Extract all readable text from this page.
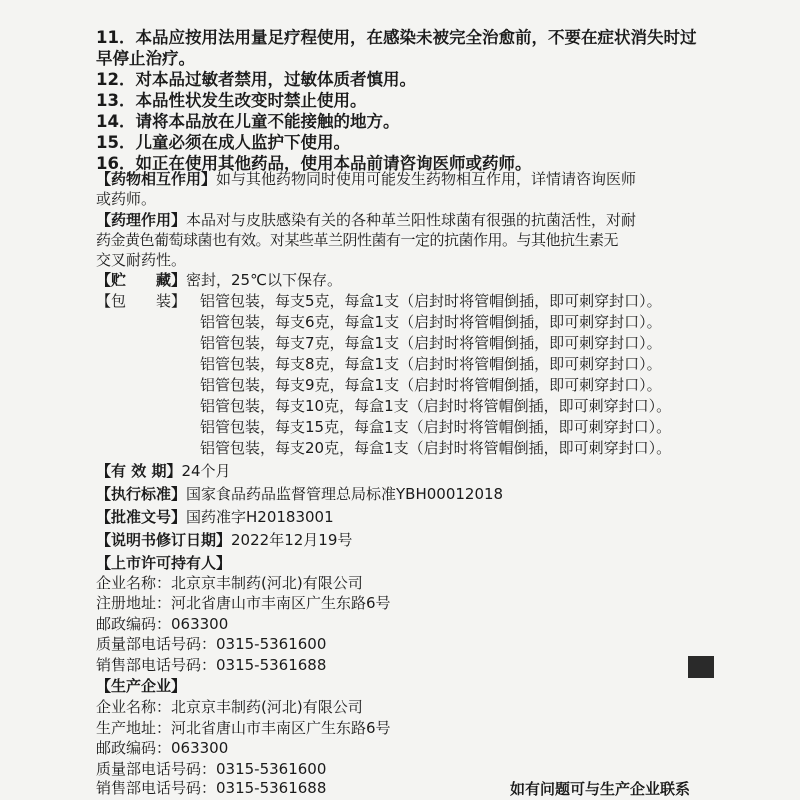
11．本品应按用法用量足疗程使用，在感染未被完全治愈前，不要在症状消失时过
早停止治疗。
12．对本品过敏者禁用，过敏体质者慎用。
13．本品性状发生改变时禁止使用。
14．请将本品放在儿童不能接触的地方。
15．儿童必须在成人监护下使用。
16．如正在使用其他药品，使用本品前请咨询医师或药师。
【药物相互作用】如与其他药物同时使用可能发生药物相互作用，详情请咨询医师
或药师。
【药理作用】本品对与皮肤感染有关的各种革兰阳性球菌有很强的抗菌活性，对耐
药金黄色葡萄球菌也有效。对某些革兰阴性菌有一定的抗菌作用。与其他抗生素无
交叉耐药性。
【贮　　藏】密封，25℃以下保存。
【包　　装】 铝管包装，每支5克，每盒1支（启封时将管帽倒插，即可刺穿封口）。
铝管包装，每支6克，每盒1支（启封时将管帽倒插，即可刺穿封口）。
铝管包装，每支7克，每盒1支（启封时将管帽倒插，即可刺穿封口）。
铝管包装，每支8克，每盒1支（启封时将管帽倒插，即可刺穿封口）。
铝管包装，每支9克，每盒1支（启封时将管帽倒插，即可刺穿封口）。
铝管包装，每支10克，每盒1支（启封时将管帽倒插，即可刺穿封口）。
铝管包装，每支15克，每盒1支（启封时将管帽倒插，即可刺穿封口）。
铝管包装，每支20克，每盒1支（启封时将管帽倒插，即可刺穿封口）。
【有 效 期】24个月
【执行标准】国家食品药品监督管理总局标准YBH00012018
【批准文号】国药准字H20183001
【说明书修订日期】2022年12月19号
【上市许可持有人】
企业名称：北京京丰制药(河北)有限公司
注册地址：河北省唐山市丰南区广生东路6号
邮政编码：063300
质量部电话号码：0315-5361600
销售部电话号码：0315-5361688
【生产企业】
企业名称：北京京丰制药(河北)有限公司
生产地址：河北省唐山市丰南区广生东路6号
邮政编码：063300
质量部电话号码：0315-5361600
销售部电话号码：0315-5361688	如有问题可与生产企业联系
